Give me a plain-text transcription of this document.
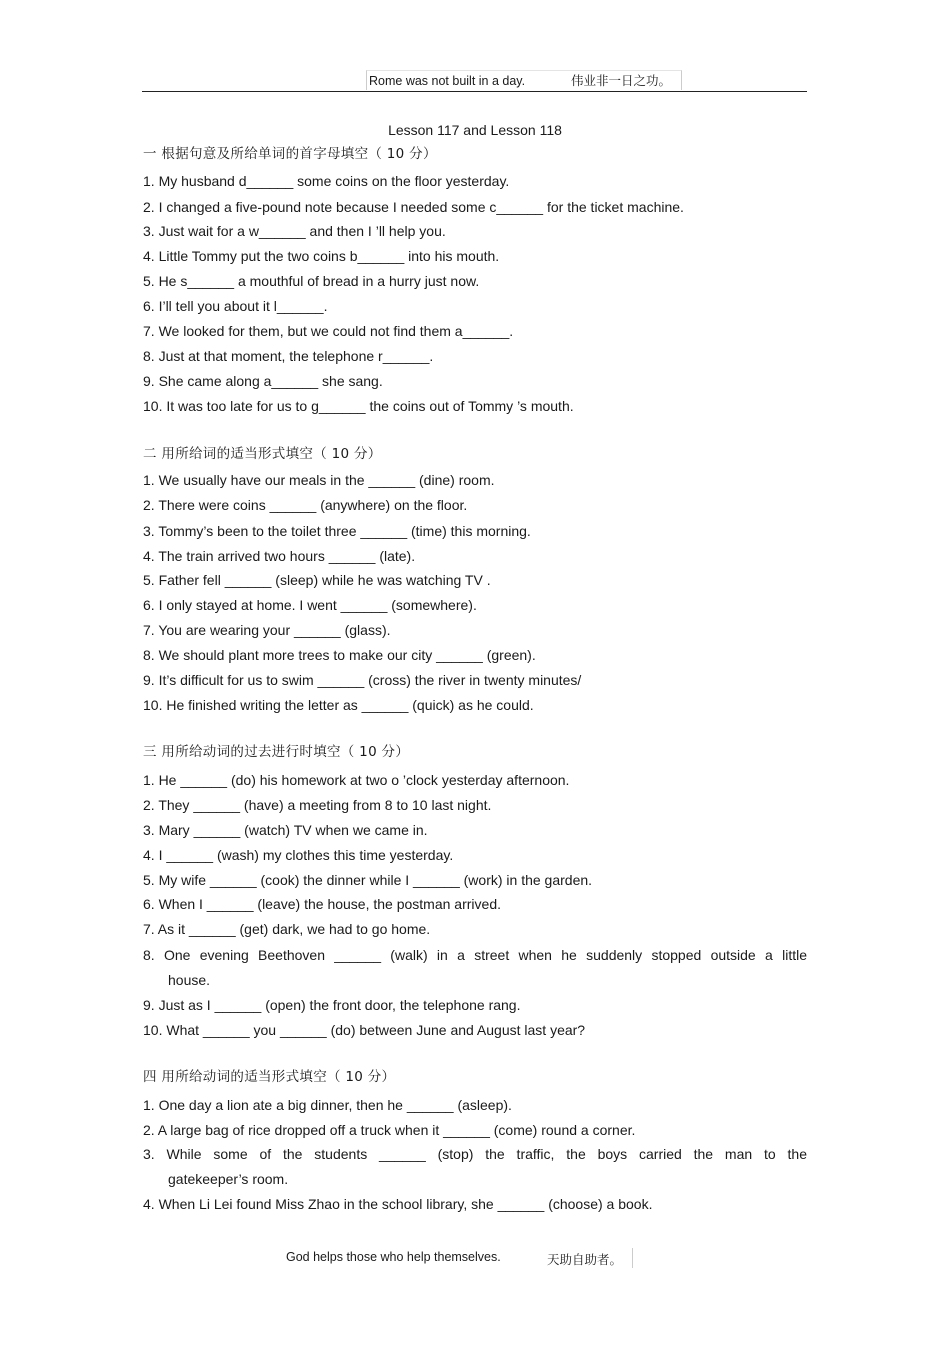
Rome was not built in a day.	伟业非一日之功。
Lesson 117 and Lesson 118
一 根据句意及所给单词的首字母填空（ 10 分）
1. My husband d______ some coins on the floor yesterday.
2. I changed a five-pound note because I needed some c______ for the ticket machine.
3. Just wait for a w______ and then I ’ll help you.
4. Little Tommy put the two coins b______ into his mouth.
5. He s______ a mouthful of bread in a hurry just now.
6. I’ll tell you about it l______.
7. We looked for them, but we could not find them a______.
8. Just at that moment, the telephone r______.
9. She came along a______ she sang.
10. It was too late for us to g______ the coins out of Tommy ’s mouth.
二 用所给词的适当形式填空（ 10 分）
1. We usually have our meals in the ______ (dine) room.
2. There were coins ______ (anywhere) on the floor.
3. Tommy’s been to the toilet three ______ (time) this morning.
4. The train arrived two hours ______ (late).
5. Father fell ______ (sleep) while he was watching TV .
6. I only stayed at home. I went ______ (somewhere).
7. You are wearing your ______ (glass).
8. We should plant more trees to make our city ______ (green).
9. It’s difficult for us to swim ______ (cross) the river in twenty minutes/
10. He finished writing the letter as ______ (quick) as he could.
三 用所给动词的过去进行时填空（ 10 分）
1. He ______ (do) his homework at two o ’clock yesterday afternoon.
2. They ______ (have) a meeting from 8 to 10 last night.
3. Mary ______ (watch) TV when we came in.
4. I ______ (wash) my clothes this time yesterday.
5. My wife ______ (cook) the dinner while I ______ (work) in the garden.
6. When I ______ (leave) the house, the postman arrived.
7. As it ______ (get) dark, we had to go home.
8. One evening Beethoven ______ (walk) in a street when he suddenly stopped outside a little
house.
9. Just as I ______ (open) the front door, the telephone rang.
10. What ______ you ______ (do) between June and August last year?
四 用所给动词的适当形式填空（ 10 分）
1. One day a lion ate a big dinner, then he ______ (asleep).
2. A large bag of rice dropped off a truck when it ______ (come) round a corner.
3. While some of the students ______ (stop) the traffic, the boys carried the man to the
gatekeeper’s room.
4. When Li Lei found Miss Zhao in the school library, she ______ (choose) a book.
God helps those who help themselves.	天助自助者。
